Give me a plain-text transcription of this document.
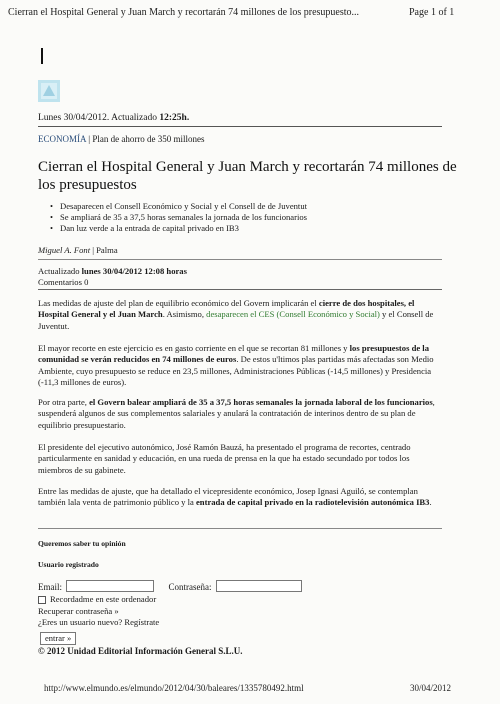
Cierran el Hospital General y Juan March y recortarán 74 millones de los presupuesto...	Page 1 of 1
Lunes 30/04/2012. Actualizado 12:25h.
ECONOMÍA | Plan de ahorro de 350 millones
Cierran el Hospital General y Juan March y recortarán 74 millones de los presupuestos
• Desaparecen el Consell Económico y Social y el Consell de de Juventut
• Se ampliará de 35 a 37,5 horas semanales la jornada de los funcionarios
• Dan luz verde a la entrada de capital privado en IB3
Miguel A. Font | Palma
Actualizado lunes 30/04/2012 12:08 horas
Comentarios 0
Las medidas de ajuste del plan de equilibrio económico del Govern implicarán el cierre de dos hospitales, el Hospital General y el Juan March. Asimismo, desaparecen el CES (Consell Económico y Social) y el Consell de Juventut.
El mayor recorte en este ejercicio es en gasto corriente en el que se recortan 81 millones y los presupuestos de la comunidad se verán reducidos en 74 millones de euros. De estos u'ltimos plas partidas más afectadas son Medio Ambiente, cuyo presupuesto se reduce en 23,5 millones, Administraciones Públicas (-14,5 millones) y Presidencia (-11,3 millones de euros).
Por otra parte, el Govern balear ampliará de 35 a 37,5 horas semanales la jornada laboral de los funcionarios, suspenderá algunos de sus complementos salariales y anulará la contratación de interinos dentro de su plan de equilibrio presupuestario.
El presidente del ejecutivo autonómico, José Ramón Bauzá, ha presentado el programa de recortes, centrado particularmente en sanidad y educación, en una rueda de prensa en la que ha estado secundado por todos los miembros de su gabinete.
Entre las medidas de ajuste, que ha detallado el vicepresidente económico, Josep Ignasi Aguiló, se contemplan también lala venta de patrimonio público y la entrada de capital privado en la radiotelevisión autonómica IB3.
Queremos saber tu opinión
Usuario registrado
Email:	Contraseña:
Recordadme en este ordenador
Recuperar contraseña »
¿Eres un usuario nuevo? Regístrate
entrar »
© 2012 Unidad Editorial Información General S.L.U.
http://www.elmundo.es/elmundo/2012/04/30/baleares/1335780492.html	30/04/2012
